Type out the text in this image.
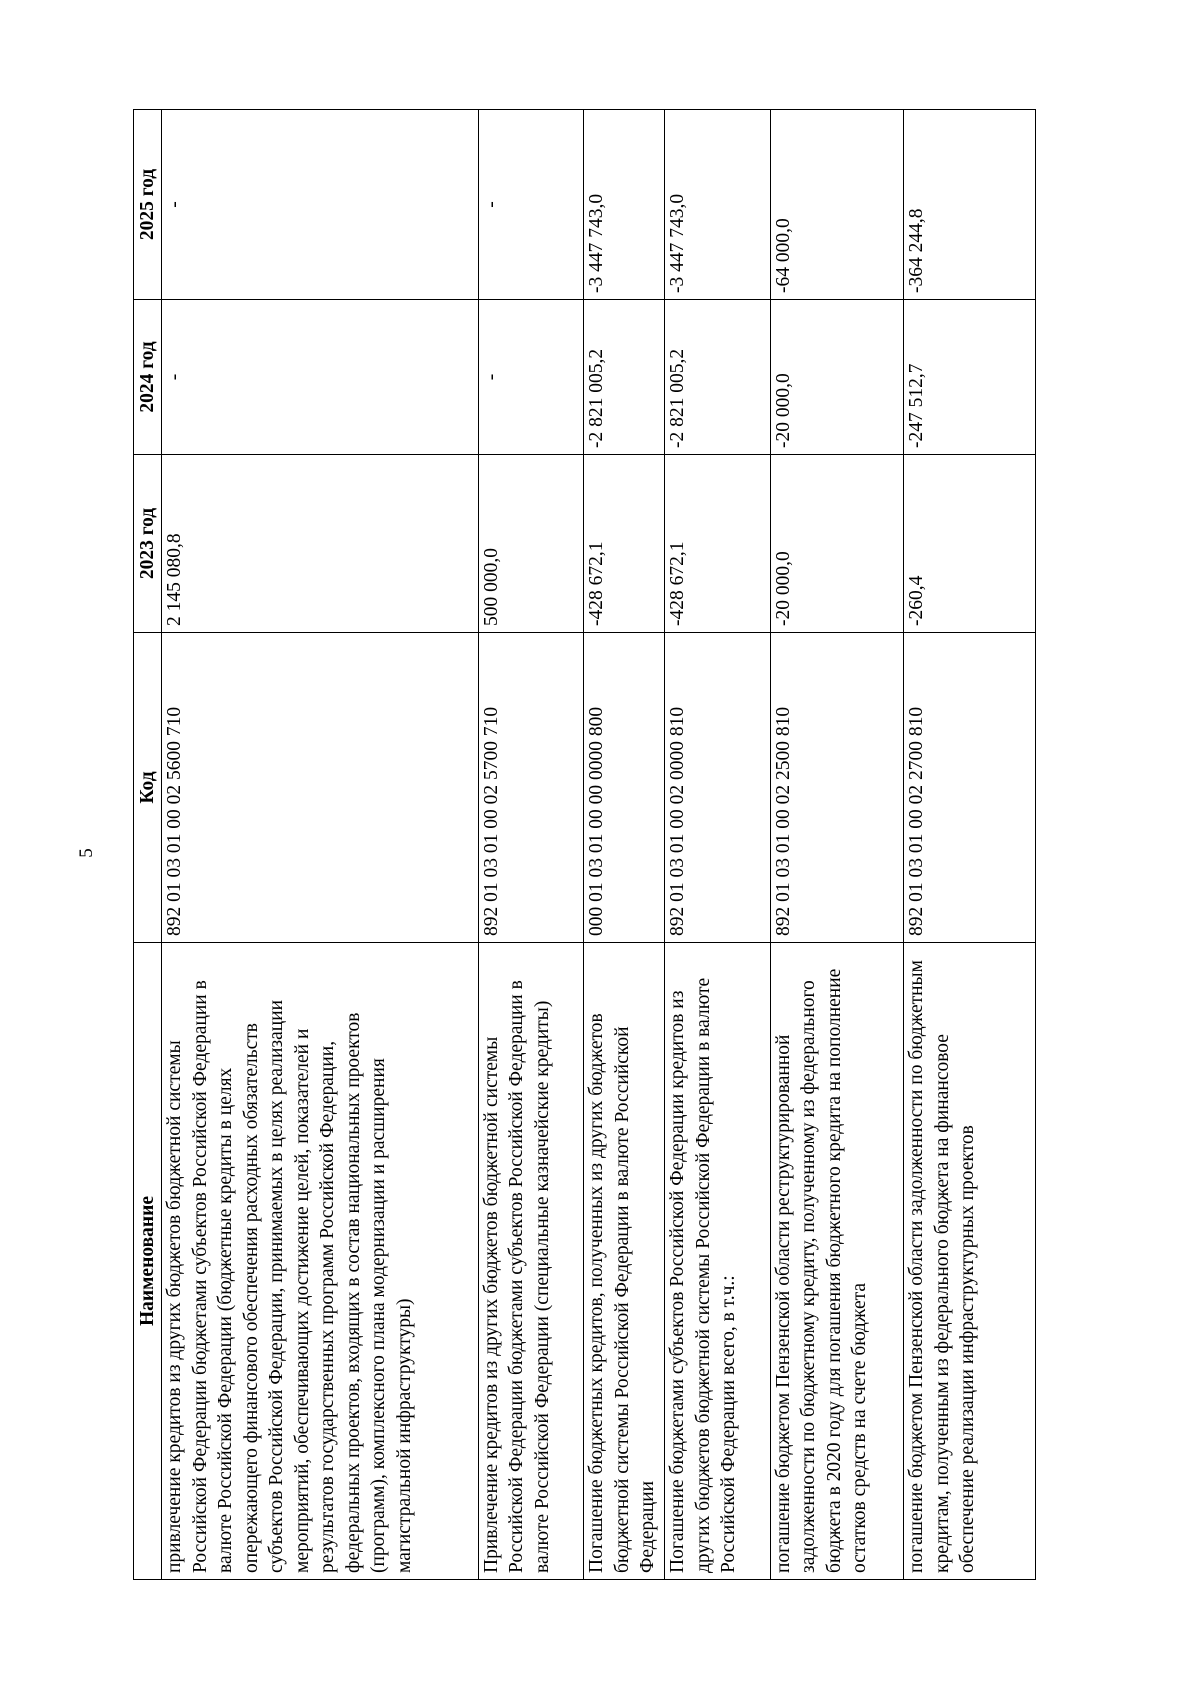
5
Наименование	Код	2023 год	2024 год	2025 год
привлечение кредитов из других бюджетов бюджетной системы Российской Федерации бюджетами субъектов Российской Федерации в валюте Российской Федерации (бюджетные кредиты в целях опережающего финансового обеспечения расходных обязательств субъектов Российской Федерации, принимаемых в целях реализации мероприятий, обеспечивающих достижение целей, показателей и результатов государственных программ Российской Федерации, федеральных проектов, входящих в состав национальных проектов (программ), комплексного плана модернизации и расширения магистральной инфраструктуры)	892 01 03 01 00 02 5600 710	2 145 080,8	-	-
Привлечение кредитов из других бюджетов бюджетной системы Российской Федерации бюджетами субъектов Российской Федерации в валюте Российской Федерации (специальные казначейские кредиты)	892 01 03 01 00 02 5700 710	500 000,0	-	-
Погашение бюджетных кредитов, полученных из других бюджетов бюджетной системы Российской Федерации в валюте Российской Федерации	000 01 03 01 00 00 0000 800	-428 672,1	-2 821 005,2	-3 447 743,0
Погашение бюджетами субъектов Российской Федерации кредитов из других бюджетов бюджетной системы Российской Федерации в валюте Российской Федерации всего, в т.ч.:	892 01 03 01 00 02 0000 810	-428 672,1	-2 821 005,2	-3 447 743,0
погашение бюджетом Пензенской области реструктурированной задолженности по бюджетному кредиту, полученному из федерального бюджета в 2020 году для погашения бюджетного кредита на пополнение остатков средств на счете бюджета	892 01 03 01 00 02 2500 810	-20 000,0	-20 000,0	-64 000,0
погашение бюджетом Пензенской области задолженности по бюджетным кредитам, полученным из федерального бюджета на финансовое обеспечение реализации инфраструктурных проектов	892 01 03 01 00 02 2700 810	-260,4	-247 512,7	-364 244,8
